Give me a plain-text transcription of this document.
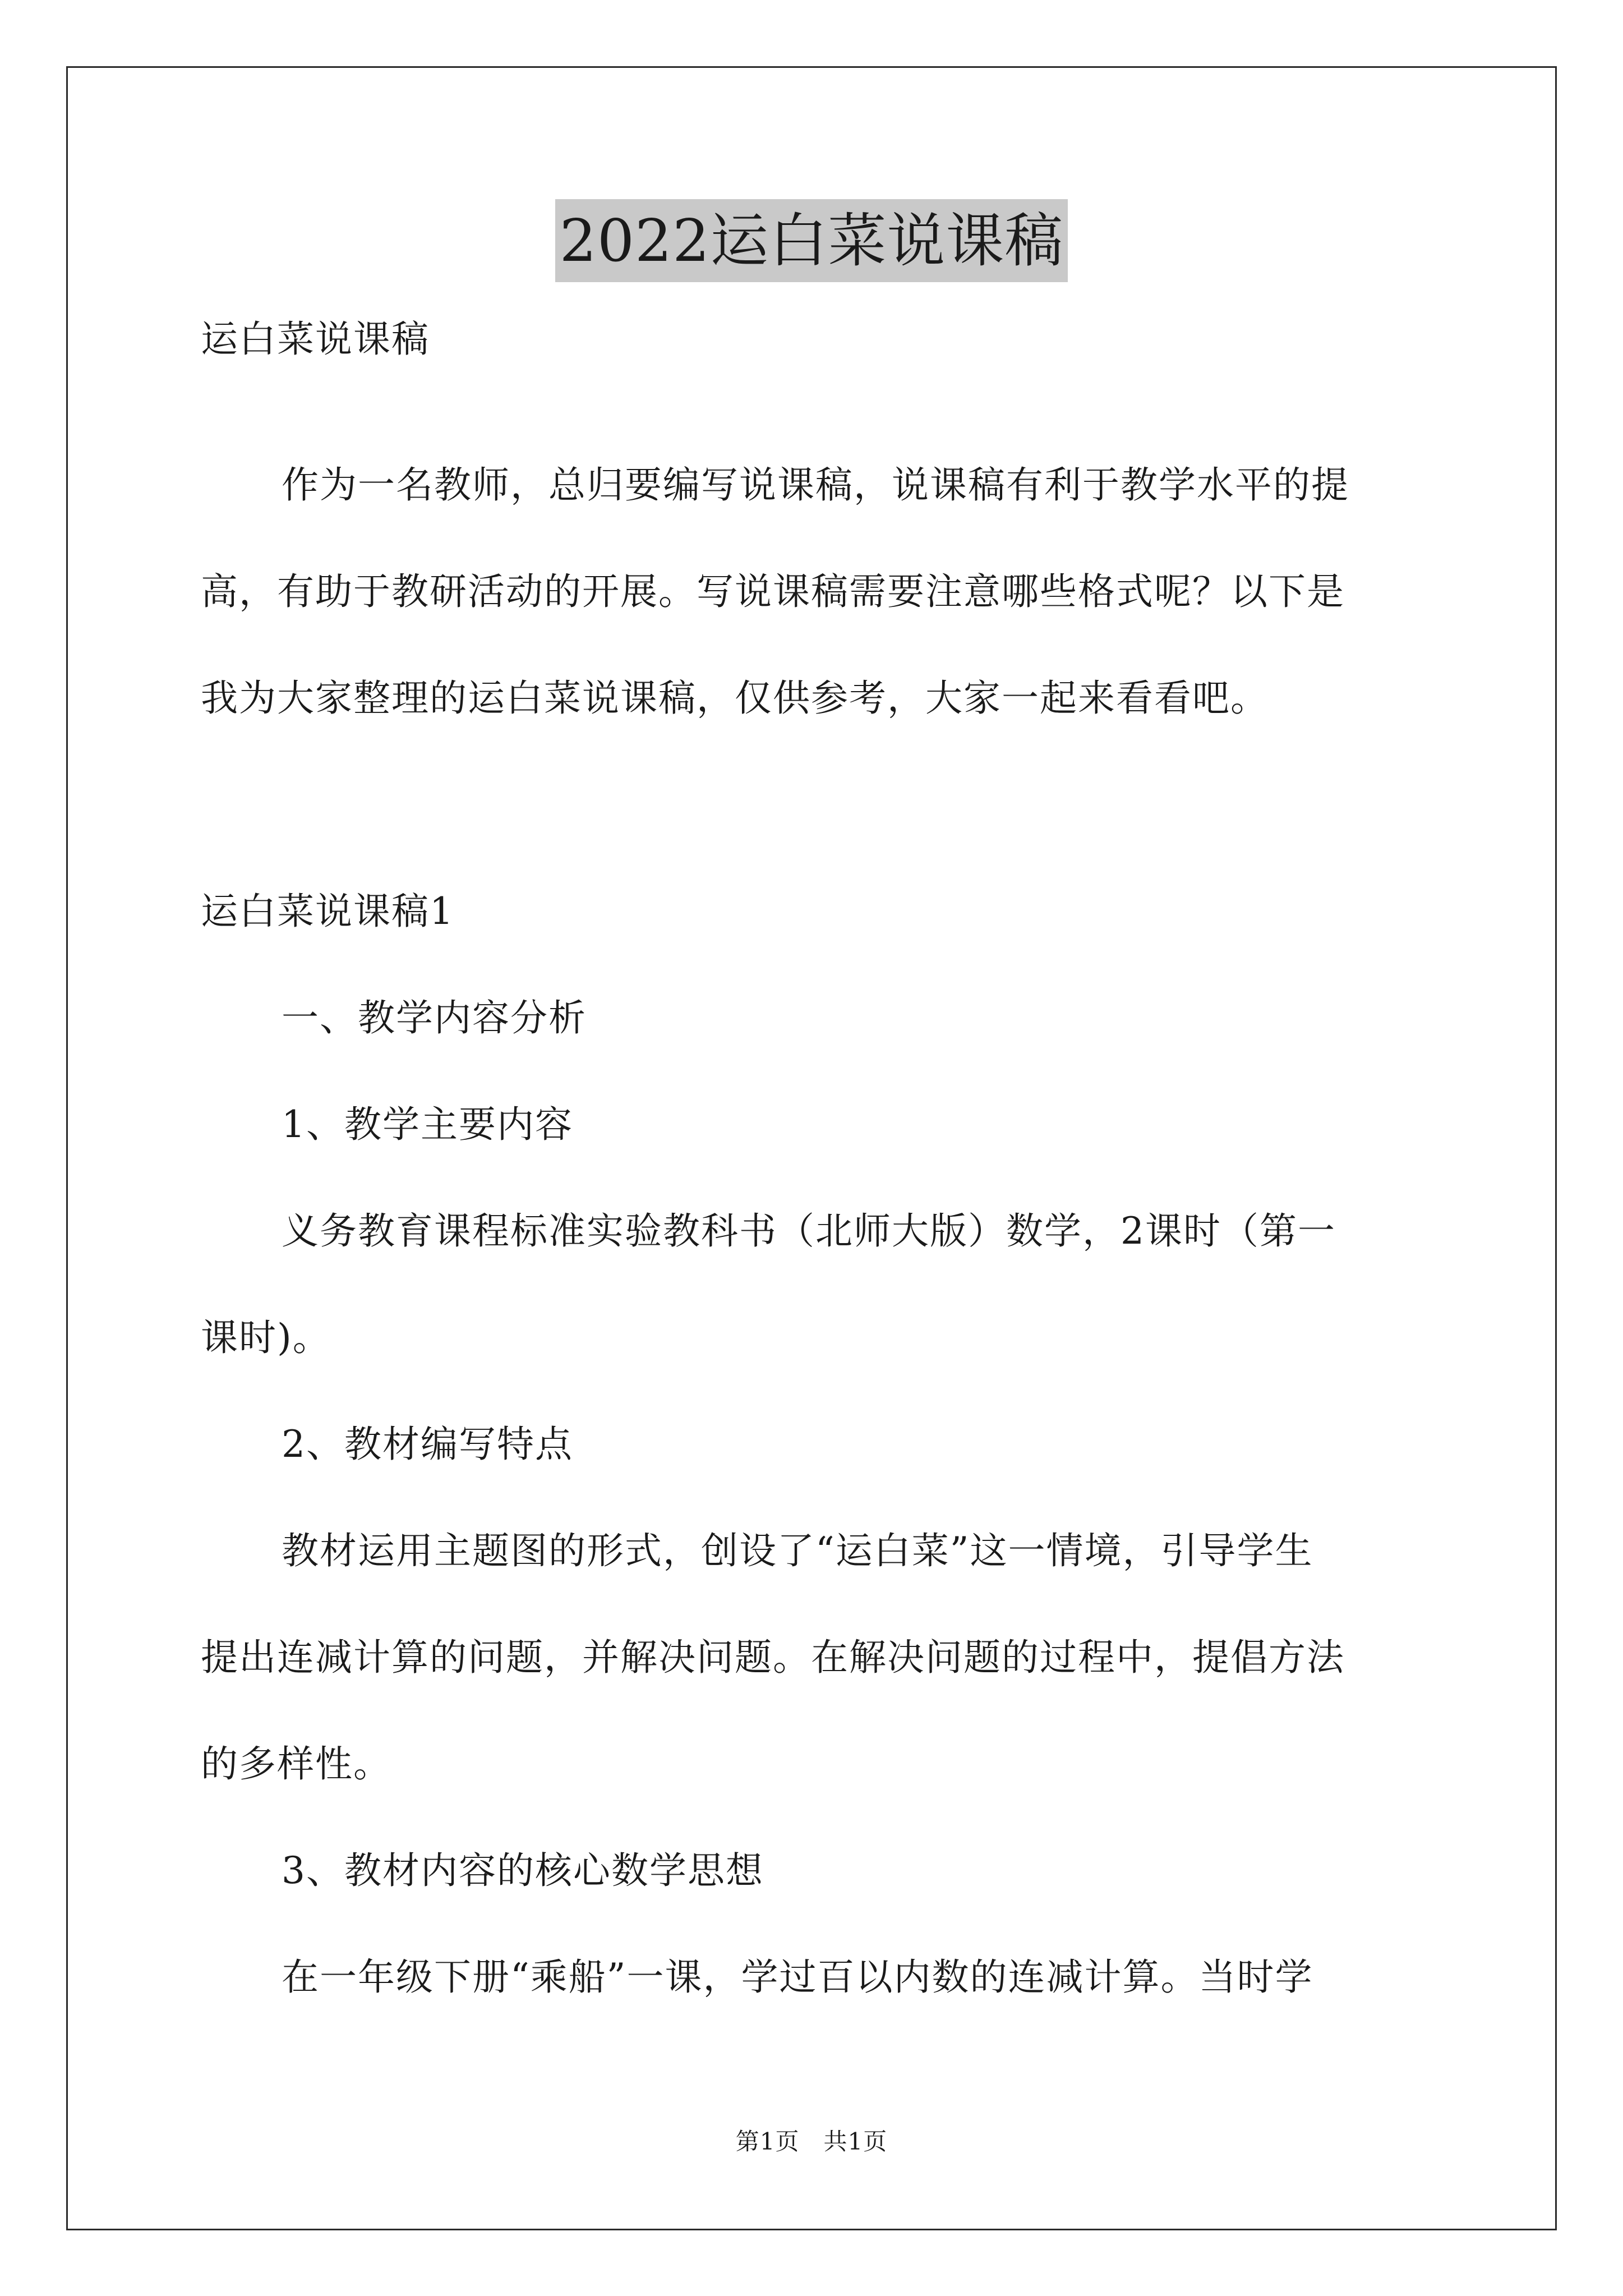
2022运白菜说课稿
运白菜说课稿
作为一名教师，总归要编写说课稿，说课稿有利于教学水平的提
高，有助于教研活动的开展。写说课稿需要注意哪些格式呢？以下是
我为大家整理的运白菜说课稿，仅供参考，大家一起来看看吧。
运白菜说课稿1
一、教学内容分析
1、教学主要内容
义务教育课程标准实验教科书（北师大版）数学，2课时（第一
课时)。
2、教材编写特点
教材运用主题图的形式，创设了“运白菜”这一情境，引导学生
提出连减计算的问题，并解决问题。在解决问题的过程中，提倡方法
的多样性。
3、教材内容的核心数学思想
在一年级下册“乘船”一课，学过百以内数的连减计算。当时学
第1页　共1页
